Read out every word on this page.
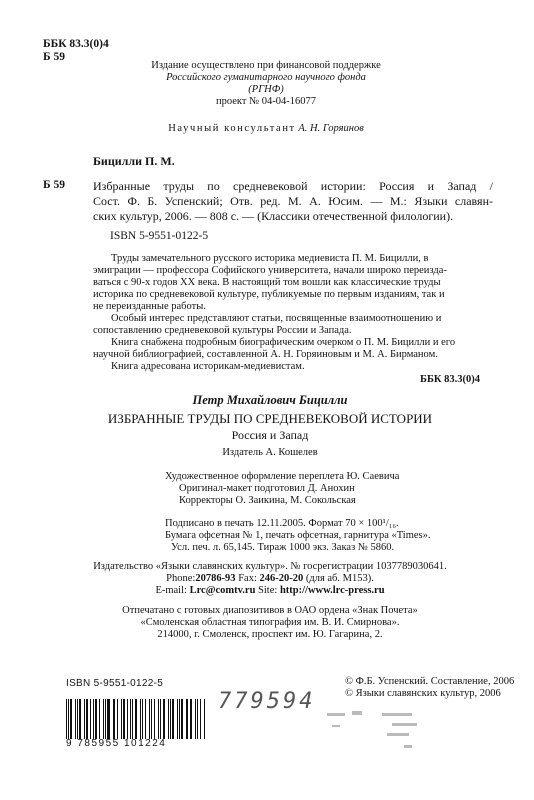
ББК 83.3(0)4
Б 59
Издание осуществлено при финансовой поддержке
Российского гуманитарного научного фонда
(РГНФ)
проект № 04-04-16077
Научный консультант А. Н. Горяинов
Бицилли П. М.
Б 59 Избранные труды по средневековой истории: Россия и Запад /
Сост. Ф. Б. Успенский; Отв. ред. М. А. Юсим. — М.: Языки славян-
ских культур, 2006. — 808 с. — (Классики отечественной филологии).
ISBN 5-9551-0122-5
Труды замечательного русского историка медиевиста П. М. Бицилли, в
эмиграции — профессора Софийского университета, начали широко переизда-
ваться с 90-х годов XX века. В настоящий том вошли как классические труды
историка по средневековой культуре, публикуемые по первым изданиям, так и
не переизданные работы.
Особый интерес представляют статьи, посвященные взаимоотношению и
сопоставлению средневековой культуры России и Запада.
Книга снабжена подробным биографическим очерком о П. М. Бицилли и его
научной библиографией, составленной А. Н. Горяиновым и М. А. Бирманом.
Книга адресована историкам-медиевистам.
ББК 83.3(0)4
Петр Михайлович Бицилли
ИЗБРАННЫЕ ТРУДЫ ПО СРЕДНЕВЕКОВОЙ ИСТОРИИ
Россия и Запад
Издатель А. Кошелев
Художественное оформление переплета Ю. Саевича
Оригинал-макет подготовил Д. Анохин
Корректоры О. Заикина, М. Сокольская
Подписано в печать 12.11.2005. Формат 70 × 100¹/₁₆.
Бумага офсетная № 1, печать офсетная, гарнитура «Times».
Усл. печ. л. 65,145. Тираж 1000 экз. Заказ № 5860.
Издательство «Языки славянских культур». № госрегистрации 1037789030641.
Phone:20786-93 Fax: 246-20-20 (для аб. М153).
E-mail: Lrc@comtv.ru Site: http://www.lrc-press.ru
Отпечатано с готовых диапозитивов в ОАО ордена «Знак Почета»
«Смоленская областная типография им. В. И. Смирнова».
214000, г. Смоленск, проспект им. Ю. Гагарина, 2.
ISBN 5-9551-0122-5
9 785955 101224
779594
© Ф.Б. Успенский. Составление, 2006
© Языки славянских культур, 2006
